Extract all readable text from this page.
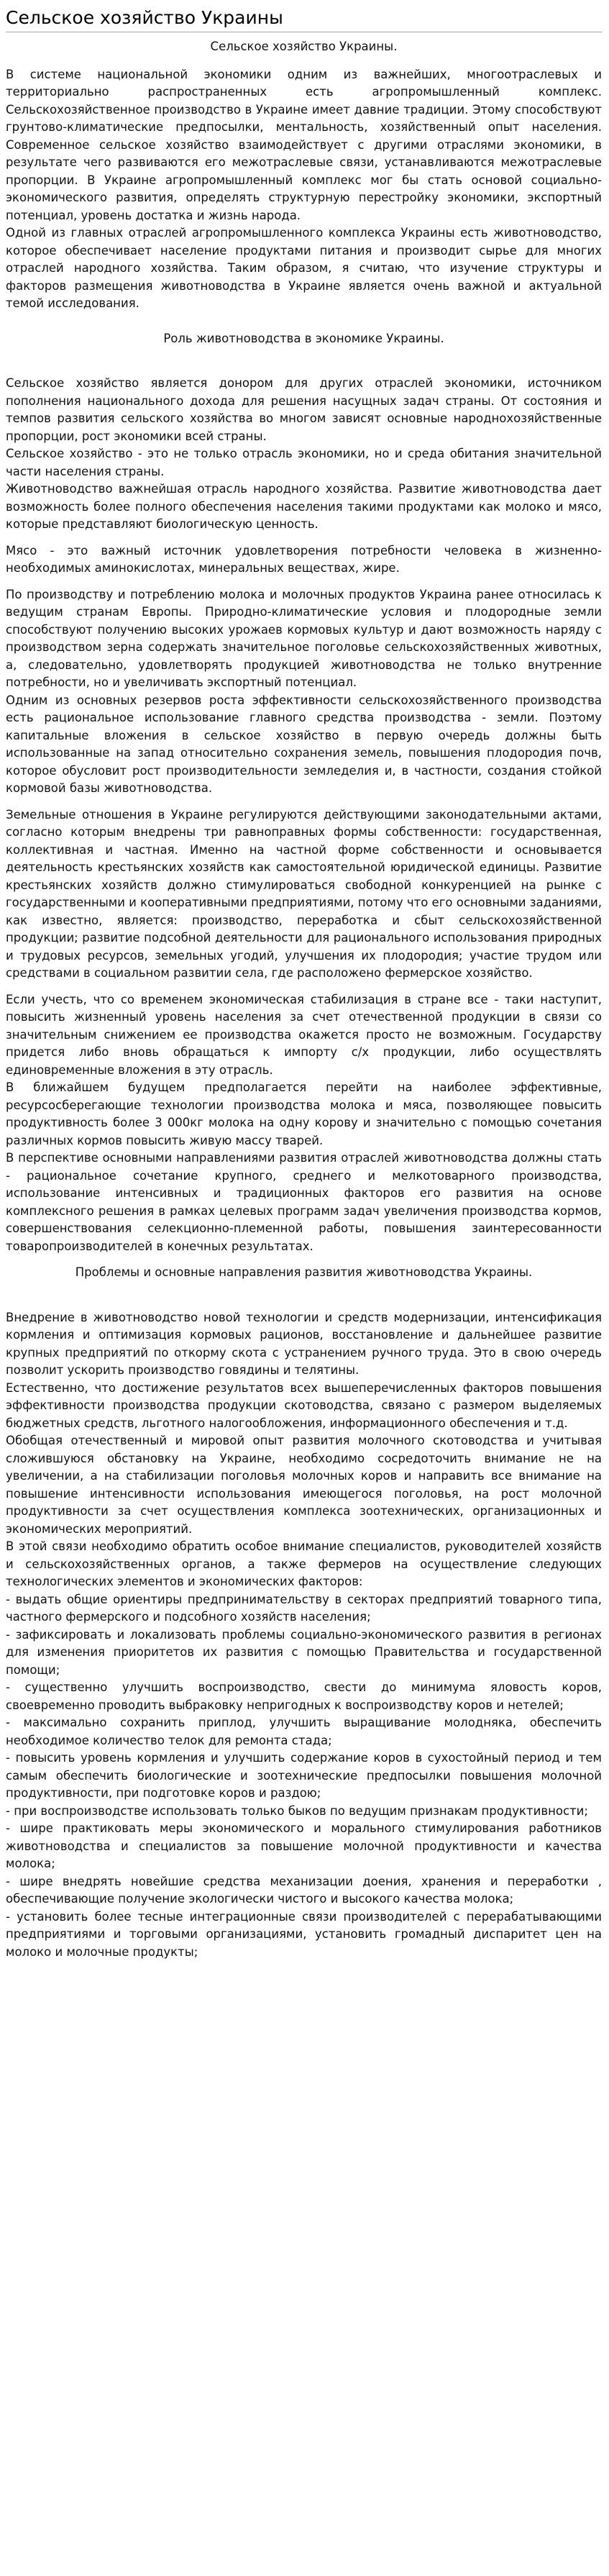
Сельское хозяйство Украины
Сельское хозяйство Украины.

В системе национальной экономики одним из важнейших, многоотраслевых и территориально распространенных есть агропромышленный комплекс. Сельскохозяйственное производство в Украине имеет давние традиции. Этому способствуют грунтово-климатические предпосылки, ментальность, хозяйственный опыт населения. Современное сельское хозяйство взаимодействует с другими отраслями экономики, в результате чего развиваются его межотраслевые связи, устанавливаются межотраслевые пропорции. В Украине агропромышленный комплекс мог бы стать основой социально-экономического развития, определять структурную перестройку экономики, экспортный потенциал, уровень достатка и жизнь народа.

Одной из главных отраслей агропромышленного комплекса Украины есть животноводство, которое обеспечивает население продуктами питания и производит сырье для многих отраслей народного хозяйства. Таким образом, я считаю, что изучение структуры и факторов размещения животноводства в Украине является очень важной и актуальной темой исследования.

Роль животноводства в экономике Украины.

Сельское хозяйство является донором для других отраслей экономики, источником пополнения национального дохода для решения насущных задач страны. От состояния и темпов развития сельского хозяйства во многом зависят основные народнохозяйственные пропорции, рост экономики всей страны.

Сельское хозяйство - это не только отрасль экономики, но и среда обитания значительной части населения страны.

Животноводство важнейшая отрасль народного хозяйства. Развитие животноводства дает возможность более полного обеспечения населения такими продуктами как молоко и мясо, которые представляют биологическую ценность.

Мясо - это важный источник удовлетворения потребности человека в жизненно-необходимых аминокислотах, минеральных веществах, жире.

По производству и потреблению молока и молочных продуктов Украина ранее относилась к ведущим странам Европы. Природно-климатические условия и плодородные земли способствуют получению высоких урожаев кормовых культур и дают возможность наряду с производством зерна содержать значительное поголовье сельскохозяйственных животных, а, следовательно, удовлетворять продукцией животноводства не только внутренние потребности, но и увеличивать экспортный потенциал.

Одним из основных резервов роста эффективности сельскохозяйственного производства есть рациональное использование главного средства производства - земли. Поэтому капитальные вложения в сельское хозяйство в первую очередь должны быть использованные на запад относительно сохранения земель, повышения плодородия почв, которое обусловит рост производительности земледелия и, в частности, создания стойкой кормовой базы животноводства.

Земельные отношения в Украине регулируются действующими законодательными актами, согласно которым внедрены три равноправных формы собственности: государственная, коллективная и частная. Именно на частной форме собственности и основывается деятельность крестьянских хозяйств как самостоятельной юридической единицы. Развитие крестьянских хозяйств должно стимулироваться свободной конкуренцией на рынке с государственными и кооперативными предприятиями, потому что его основными заданиями, как известно, является: производство, переработка и сбыт сельскохозяйственной продукции; развитие подсобной деятельности для рационального использования природных и трудовых ресурсов, земельных угодий, улучшения их плодородия; участие трудом или средствами в социальном развитии села, где расположено фермерское хозяйство.

Если учесть, что со временем экономическая стабилизация в стране все - таки наступит, повысить жизненный уровень населения за счет отечественной продукции в связи со значительным снижением ее производства окажется просто не возможным. Государству придется либо вновь обращаться к импорту с/х продукции, либо осуществлять единовременные вложения в эту отрасль.

В ближайшем будущем предполагается перейти на наиболее эффективные, ресурсосберегающие технологии производства молока и мяса, позволяющее повысить продуктивность более 3 000кг молока на одну корову и значительно с помощью сочетания различных кормов повысить живую массу тварей.

В перспективе основными направлениями развития отраслей животноводства должны стать - рациональное сочетание крупного, среднего и мелкотоварного производства, использование интенсивных и традиционных факторов его развития на основе комплексного решения в рамках целевых программ задач увеличения производства кормов, совершенствования селекционно-племенной работы, повышения заинтересованности товаропроизводителей в конечных результатах.

Проблемы и основные направления развития животноводства Украины.

Внедрение в животноводство новой технологии и средств модернизации, интенсификация кормления и оптимизация кормовых рационов, восстановление и дальнейшее развитие крупных предприятий по откорму скота с устранением ручного труда. Это в свою очередь позволит ускорить производство говядины и телятины.

Естественно, что достижение результатов всех вышеперечисленных факторов повышения эффективности производства продукции скотоводства, связано с размером выделяемых бюджетных средств, льготного налогообложения, информационного обеспечения и т.д.

Обобщая отечественный и мировой опыт развития молочного скотоводства и учитывая сложившуюся обстановку на Украине, необходимо сосредоточить внимание не на увеличении, а на стабилизации поголовья молочных коров и направить все внимание на повышение интенсивности использования имеющегося поголовья, на рост молочной продуктивности за счет осуществления комплекса зоотехнических, организационных и экономических мероприятий.

В этой связи необходимо обратить особое внимание специалистов, руководителей хозяйств и сельскохозяйственных органов, а также фермеров на осуществление следующих технологических элементов и экономических факторов:

- выдать общие ориентиры предпринимательству в секторах предприятий товарного типа, частного фермерского и подсобного хозяйств населения;

- зафиксировать и локализовать проблемы социально-экономического развития в регионах для изменения приоритетов их развития с помощью Правительства и государственной помощи;

- существенно улучшить воспроизводство, свести до минимума яловость коров, своевременно проводить выбраковку непригодных к воспроизводству коров и нетелей;

- максимально сохранить приплод, улучшить выращивание молодняка, обеспечить необходимое количество телок для ремонта стада;

- повысить уровень кормления и улучшить содержание коров в сухостойный период и тем самым обеспечить биологические и зоотехнические предпосылки повышения молочной продуктивности, при подготовке коров и раздою;

- при воспроизводстве использовать только быков по ведущим признакам продуктивности;

- шире практиковать меры экономического и морального стимулирования работников животноводства и специалистов за повышение молочной продуктивности и качества молока;

- шире внедрять новейшие средства механизации доения, хранения и переработки , обеспечивающие получение экологически чистого и высокого качества молока;

- установить более тесные интеграционные связи производителей с перерабатывающими предприятиями и торговыми организациями, установить громадный диспаритет цен на молоко и молочные продукты;
